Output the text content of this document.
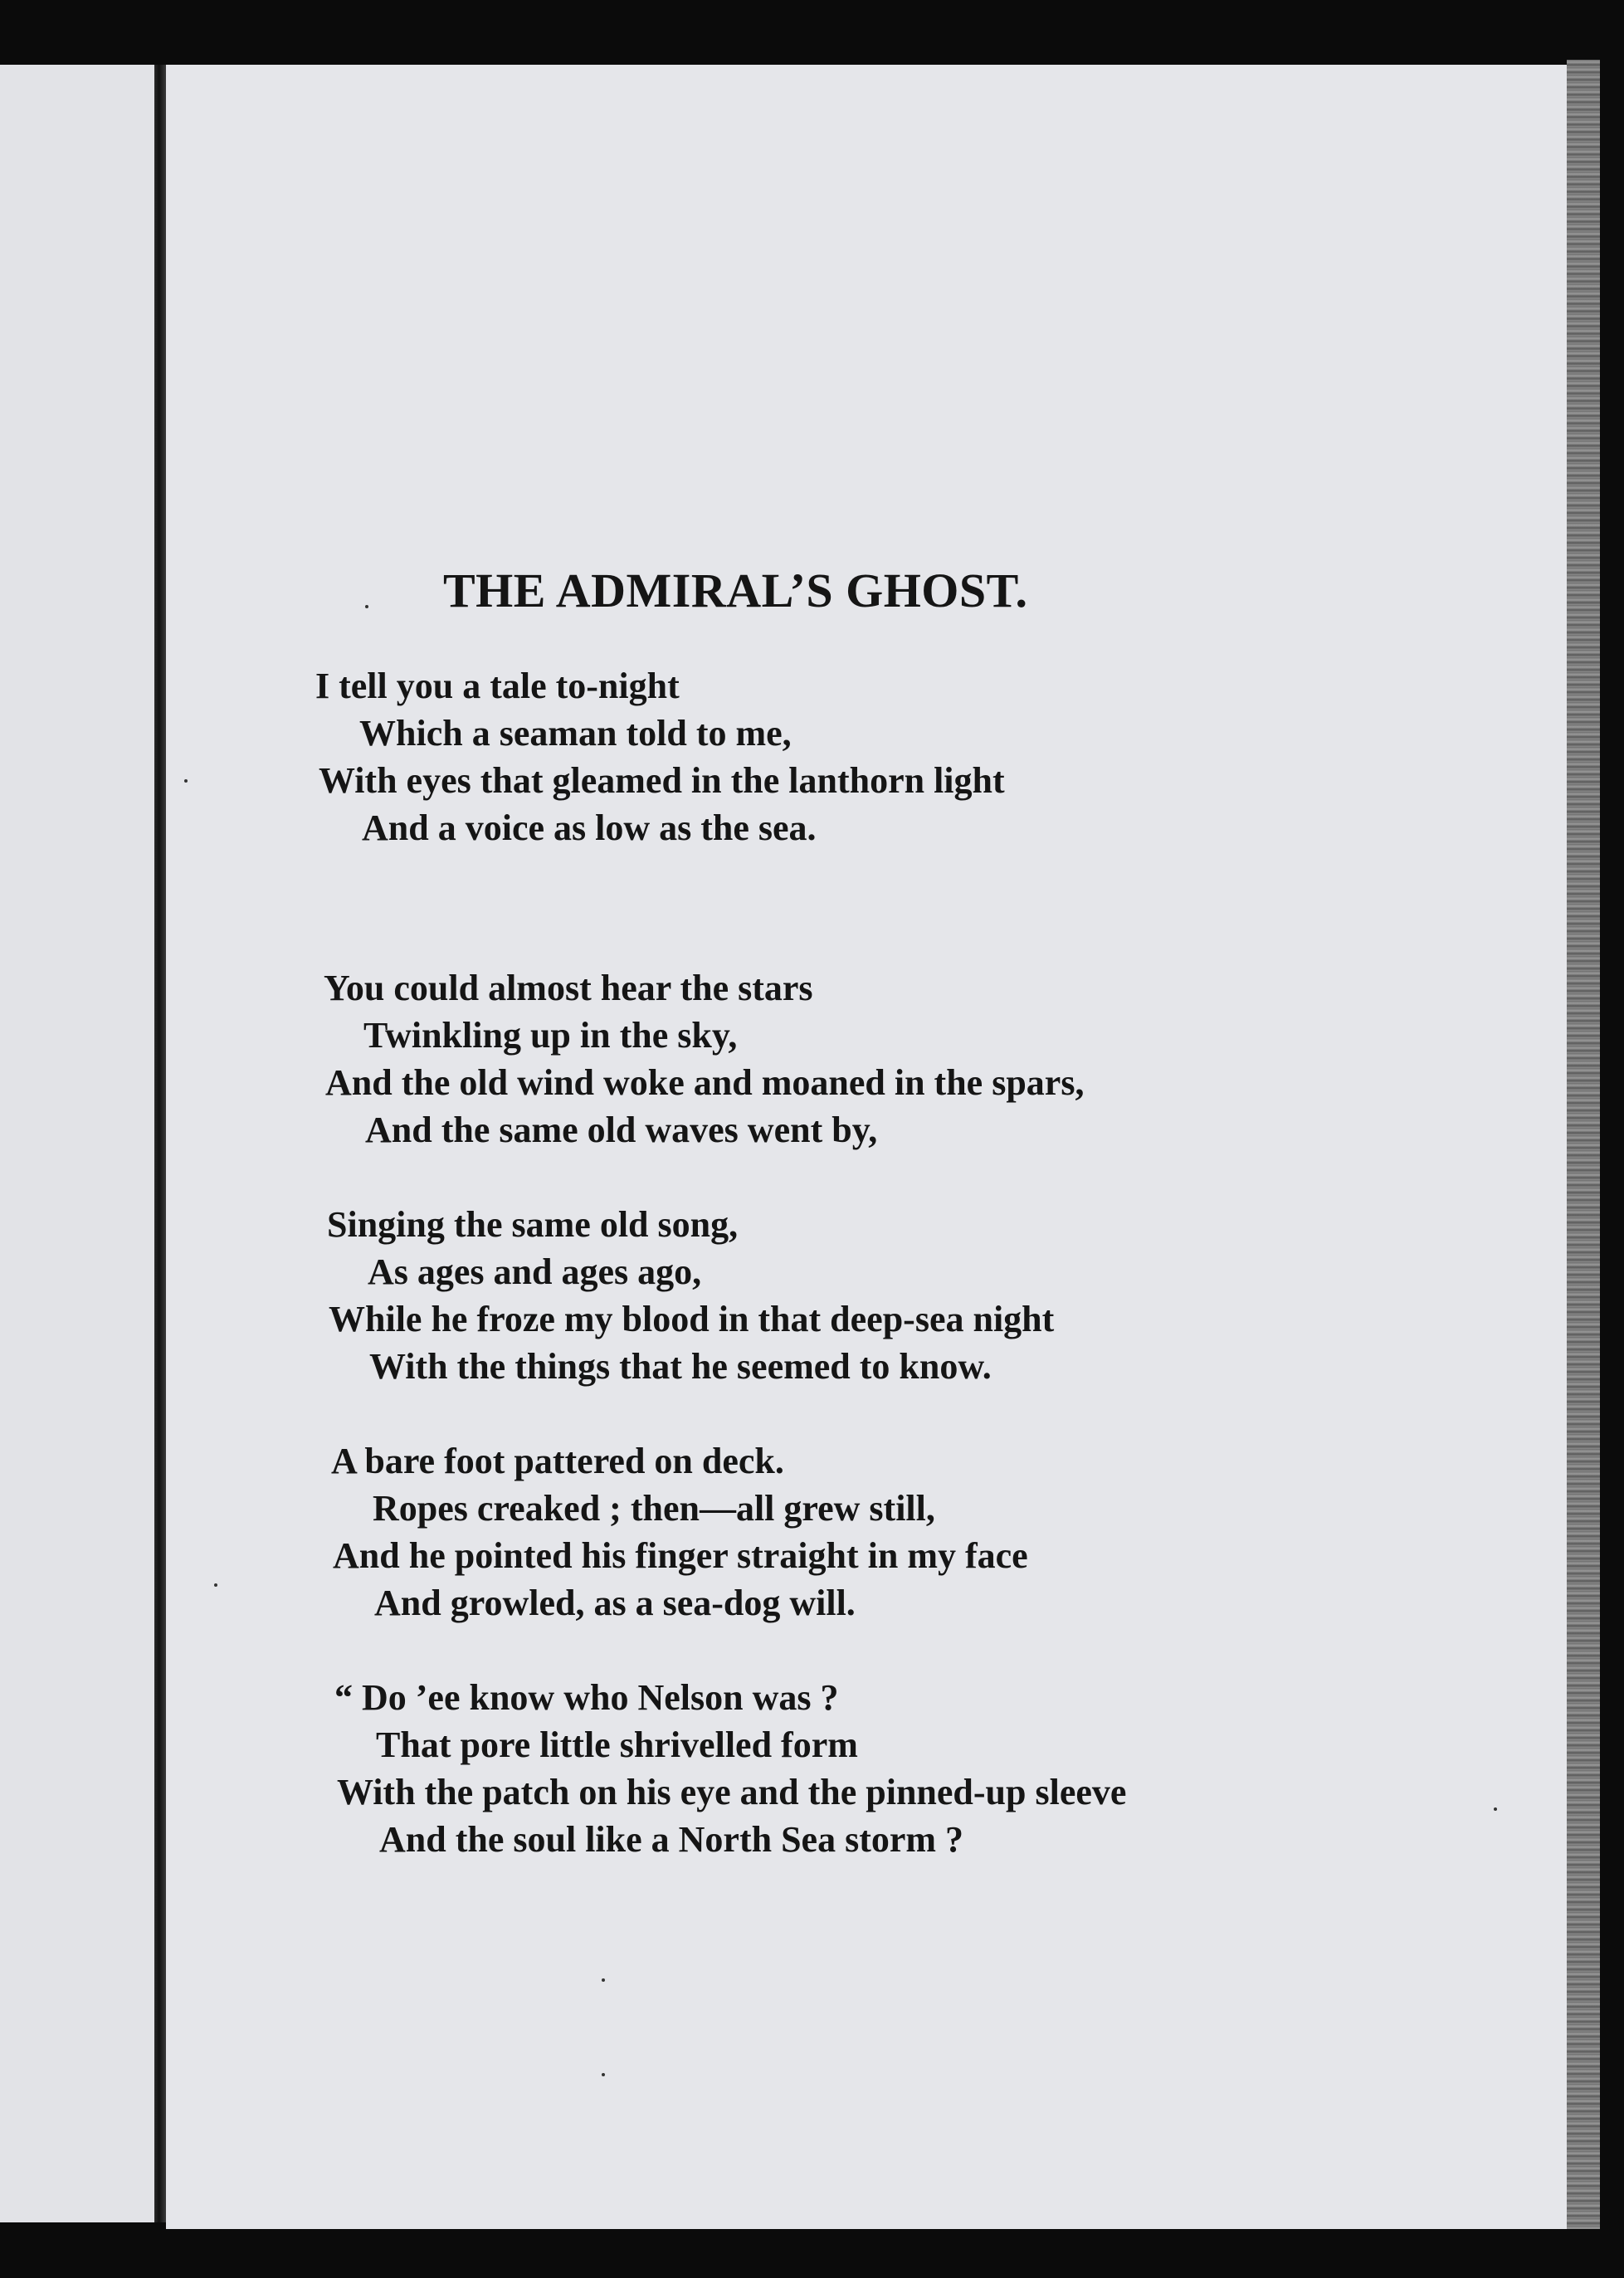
THE ADMIRAL’S GHOST.
I tell you a tale to-night
Which a seaman told to me,
With eyes that gleamed in the lanthorn light
And a voice as low as the sea.
You could almost hear the stars
Twinkling up in the sky,
And the old wind woke and moaned in the spars,
And the same old waves went by,
Singing the same old song,
As ages and ages ago,
While he froze my blood in that deep-sea night
With the things that he seemed to know.
A bare foot pattered on deck.
Ropes creaked ; then—all grew still,
And he pointed his finger straight in my face
And growled, as a sea-dog will.
“ Do ’ee know who Nelson was ?
That pore little shrivelled form
With the patch on his eye and the pinned-up sleeve
And the soul like a North Sea storm ?
